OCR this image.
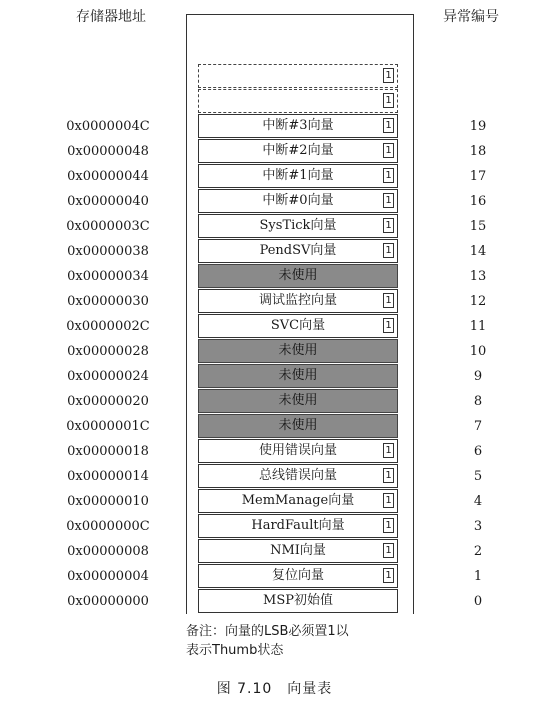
存储器地址	异常编号
1
1
0x0000004C	中断#3向量	1	19
0x00000048	中断#2向量	1	18
0x00000044	中断#1向量	1	17
0x00000040	中断#0向量	1	16
0x0000003C	SysTick向量	1	15
0x00000038	PendSV向量	1	14
0x00000034	未使用	13
0x00000030	调试监控向量	1	12
0x0000002C	SVC向量	1	11
0x00000028	未使用	10
0x00000024	未使用	9
0x00000020	未使用	8
0x0000001C	未使用	7
0x00000018	使用错误向量	1	6
0x00000014	总线错误向量	1	5
0x00000010	MemManage向量	1	4
0x0000000C	HardFault向量	1	3
0x00000008	NMI向量	1	2
0x00000004	复位向量	1	1
0x00000000	MSP初始值	0
备注：向量的LSB必须置1以
表示Thumb状态
图 7.10　向量表
